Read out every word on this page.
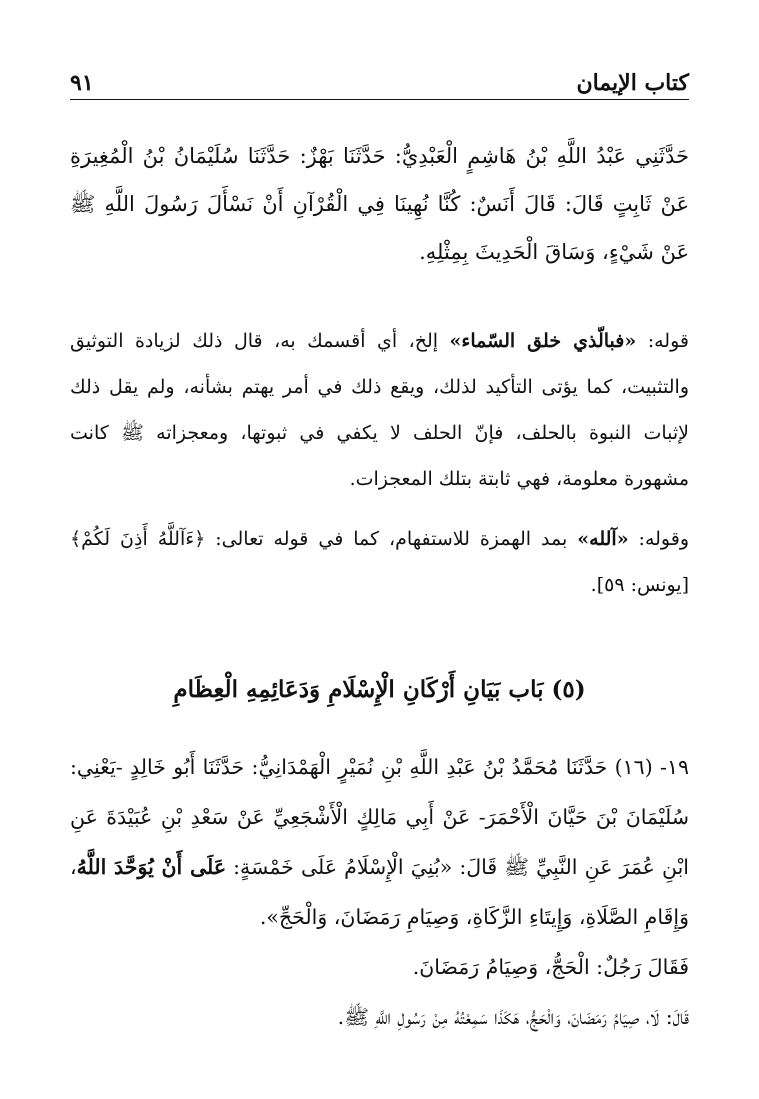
كتاب الإيمان
٩١
حَدَّثَنِي عَبْدُ اللَّهِ بْنُ هَاشِمٍ الْعَبْدِيُّ: حَدَّثَنَا بَهْزٌ: حَدَّثَنَا سُلَيْمَانُ بْنُ الْمُغِيرَةِ عَنْ ثَابِتٍ قَالَ: قَالَ أَنَسٌ: كُنَّا نُهِينَا فِي الْقُرْآنِ أَنْ نَسْأَلَ رَسُولَ اللَّهِ ﷺ عَنْ شَيْءٍ، وَسَاقَ الْحَدِيثَ بِمِثْلِهِ.

قوله: «فبالّذي خلق السّماء» إلخ، أي أقسمك به، قال ذلك لزيادة التوثيق والتثبيت، كما يؤتى التأكيد لذلك، ويقع ذلك في أمر يهتم بشأنه، ولم يقل ذلك لإثبات النبوة بالحلف، فإنّ الحلف لا يكفي في ثبوتها، ومعجزاته ﷺ كانت مشهورة معلومة، فهي ثابتة بتلك المعجزات.

وقوله: «آلله» بمد الهمزة للاستفهام، كما في قوله تعالى: ﴿ءَآللَّهُ أَذِنَ لَكُمْ﴾ [يونس: ٥٩].

(٥) بَاب بَيَانِ أَرْكَانِ الْإِسْلَامِ وَدَعَائِمِهِ الْعِظَامِ

١٩- (١٦) حَدَّثَنَا مُحَمَّدُ بْنُ عَبْدِ اللَّهِ بْنِ نُمَيْرٍ الْهَمْدَانِيُّ: حَدَّثَنَا أَبُو خَالِدٍ -يَعْنِي: سُلَيْمَانَ بْنَ حَيَّانَ الْأَحْمَرَ- عَنْ أَبِي مَالِكٍ الْأَشْجَعِيِّ عَنْ سَعْدِ بْنِ عُبَيْدَةَ عَنِ ابْنِ عُمَرَ عَنِ النَّبِيِّ ﷺ قَالَ: «بُنِيَ الْإِسْلَامُ عَلَى خَمْسَةٍ: عَلَى أَنْ يُوَحَّدَ اللَّهُ، وَإِقَامِ الصَّلَاةِ، وَإِيتَاءِ الزَّكَاةِ، وَصِيَامِ رَمَضَانَ، وَالْحَجِّ».

فَقَالَ رَجُلٌ: الْحَجُّ، وَصِيَامُ رَمَضَانَ.

قَالَ: لَا، صِيَامُ رَمَضَانَ، وَالْحَجُّ، هَكَذَا سَمِعْتُهُ مِنْ رَسُولِ اللَّهِ ﷺ.
